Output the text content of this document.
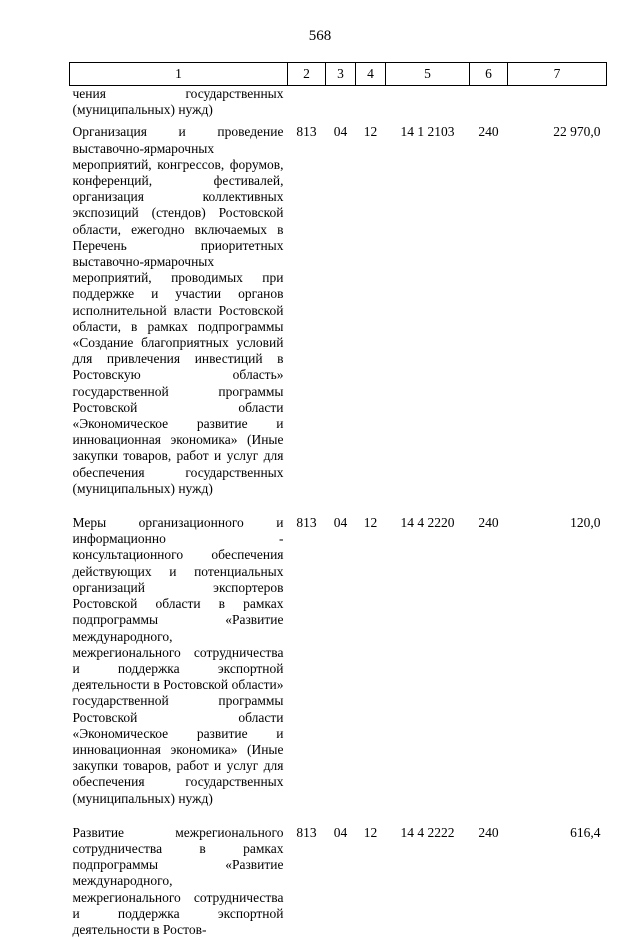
568
1	2	3	4	5	6	7
чения государственных (муниципальных) нужд)						
Организация и проведение выставочно-ярмарочных мероприятий, конгрессов, форумов, конференций, фестивалей, организация коллективных экспозиций (стендов) Ростовской области, ежегодно включаемых в Перечень приоритетных выставочно-ярмарочных мероприятий, проводимых при поддержке и участии органов исполнительной власти Ростовской области, в рамках подпрограммы «Создание благоприятных условий для привлечения инвестиций в Ростовскую область» государственной программы Ростовской области «Экономическое развитие и инновационная экономика» (Иные закупки товаров, работ и услуг для обеспечения государственных (муниципальных) нужд)	813	04	12	14 1 2103	240	22 970,0
Меры организационного и информационно - консультационного обеспечения действующих и потенциальных организаций экспортеров Ростовской области в рамках подпрограммы «Развитие международного, межрегионального сотрудничества и поддержка экспортной деятельности в Ростовской области» государственной программы Ростовской области «Экономическое развитие и инновационная экономика» (Иные закупки товаров, работ и услуг для обеспечения государственных (муниципальных) нужд)	813	04	12	14 4 2220	240	120,0
Развитие межрегионального сотрудничества в рамках подпрограммы «Развитие международного, межрегионального сотрудничества и поддержка экспортной деятельности в Ростов-	813	04	12	14 4 2222	240	616,4
